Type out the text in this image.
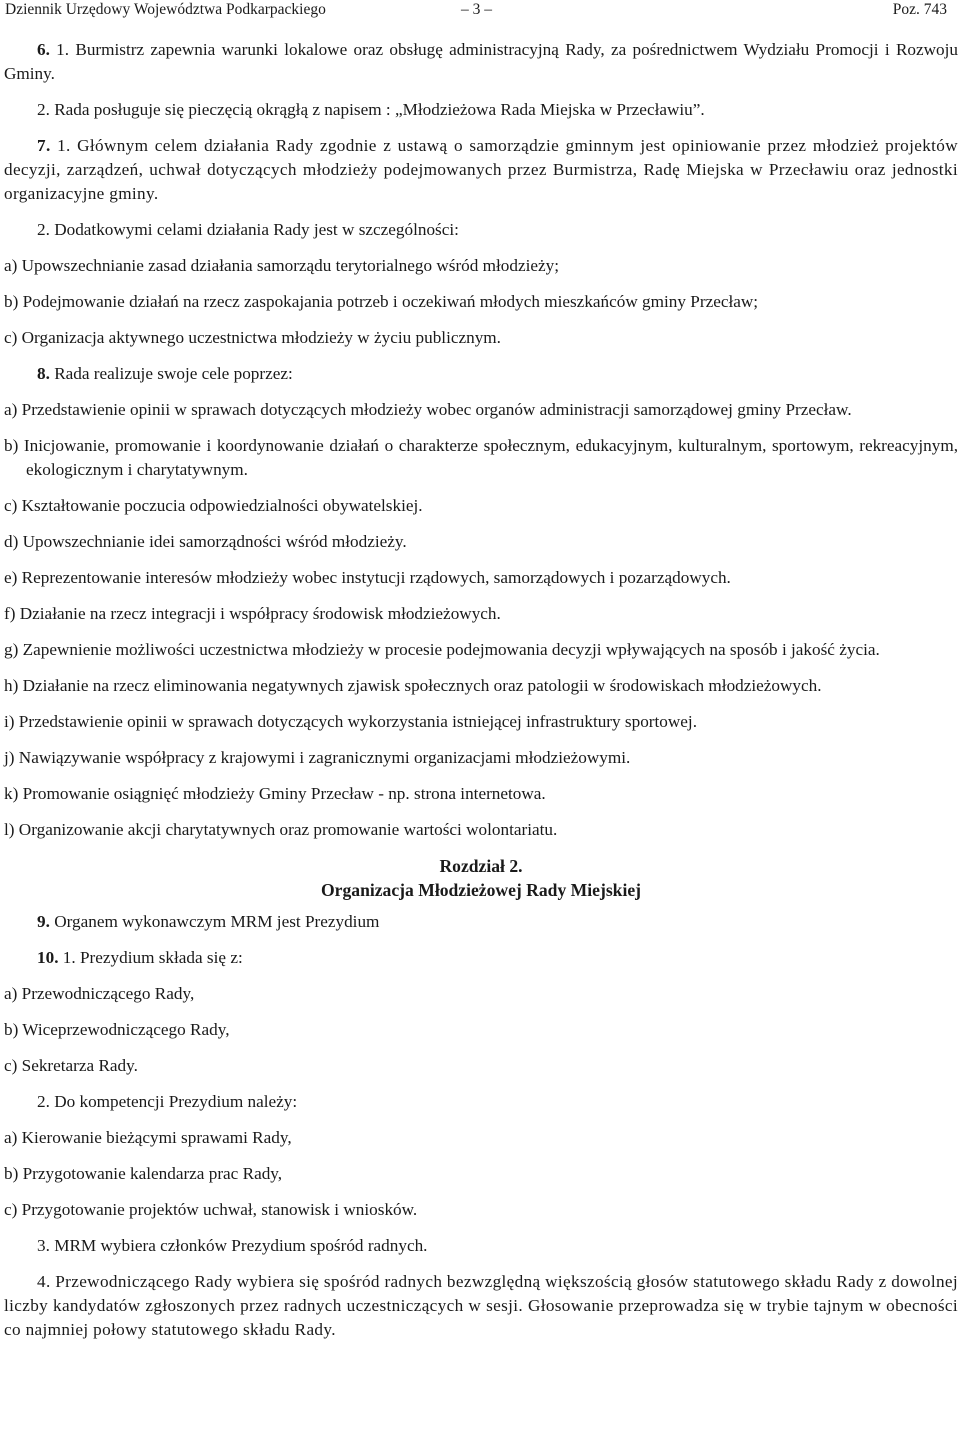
Dziennik Urzędowy Województwa Podkarpackiego	– 3 –	Poz. 743

6. 1. Burmistrz zapewnia warunki lokalowe oraz obsługę administracyjną Rady, za pośrednictwem Wydziału Promocji i Rozwoju Gminy.

2. Rada posługuje się pieczęcią okrągłą z napisem : „Młodzieżowa Rada Miejska w Przecławiu”.

7. 1. Głównym celem działania Rady zgodnie z ustawą o samorządzie gminnym jest opiniowanie przez młodzież projektów decyzji, zarządzeń, uchwał dotyczących młodzieży podejmowanych przez Burmistrza, Radę Miejska w Przecławiu oraz jednostki organizacyjne gminy.

2. Dodatkowymi celami działania Rady jest w szczególności:

a) Upowszechnianie zasad działania samorządu terytorialnego wśród młodzieży;

b) Podejmowanie działań na rzecz zaspokajania potrzeb i oczekiwań młodych mieszkańców gminy Przecław;

c) Organizacja aktywnego uczestnictwa młodzieży w życiu publicznym.

8. Rada realizuje swoje cele poprzez:

a) Przedstawienie opinii w sprawach dotyczących młodzieży wobec organów administracji samorządowej gminy Przecław.

b) Inicjowanie, promowanie i koordynowanie działań o charakterze społecznym, edukacyjnym, kulturalnym, sportowym, rekreacyjnym, ekologicznym i charytatywnym.

c) Kształtowanie poczucia odpowiedzialności obywatelskiej.

d) Upowszechnianie idei samorządności wśród młodzieży.

e) Reprezentowanie interesów młodzieży wobec instytucji rządowych, samorządowych i pozarządowych.

f) Działanie na rzecz integracji i współpracy środowisk młodzieżowych.

g) Zapewnienie możliwości uczestnictwa młodzieży w procesie podejmowania decyzji wpływających na sposób i jakość życia.

h) Działanie na rzecz eliminowania negatywnych zjawisk społecznych oraz patologii w środowiskach młodzieżowych.

i) Przedstawienie opinii w sprawach dotyczących wykorzystania istniejącej infrastruktury sportowej.

j) Nawiązywanie współpracy z krajowymi i zagranicznymi organizacjami młodzieżowymi.

k) Promowanie osiągnięć młodzieży Gminy Przecław - np. strona internetowa.

l) Organizowanie akcji charytatywnych oraz promowanie wartości wolontariatu.

Rozdział 2.
Organizacja Młodzieżowej Rady Miejskiej

9. Organem wykonawczym MRM jest Prezydium

10. 1. Prezydium składa się z:

a) Przewodniczącego Rady,

b) Wiceprzewodniczącego Rady,

c) Sekretarza Rady.

2. Do kompetencji Prezydium należy:

a) Kierowanie bieżącymi sprawami Rady,

b) Przygotowanie kalendarza prac Rady,

c) Przygotowanie projektów uchwał, stanowisk i wniosków.

3. MRM wybiera członków Prezydium spośród radnych.

4. Przewodniczącego Rady wybiera się spośród radnych bezwzględną większością głosów statutowego składu Rady z dowolnej liczby kandydatów zgłoszonych przez radnych uczestniczących w sesji. Głosowanie przeprowadza się w trybie tajnym w obecności co najmniej połowy statutowego składu Rady.
